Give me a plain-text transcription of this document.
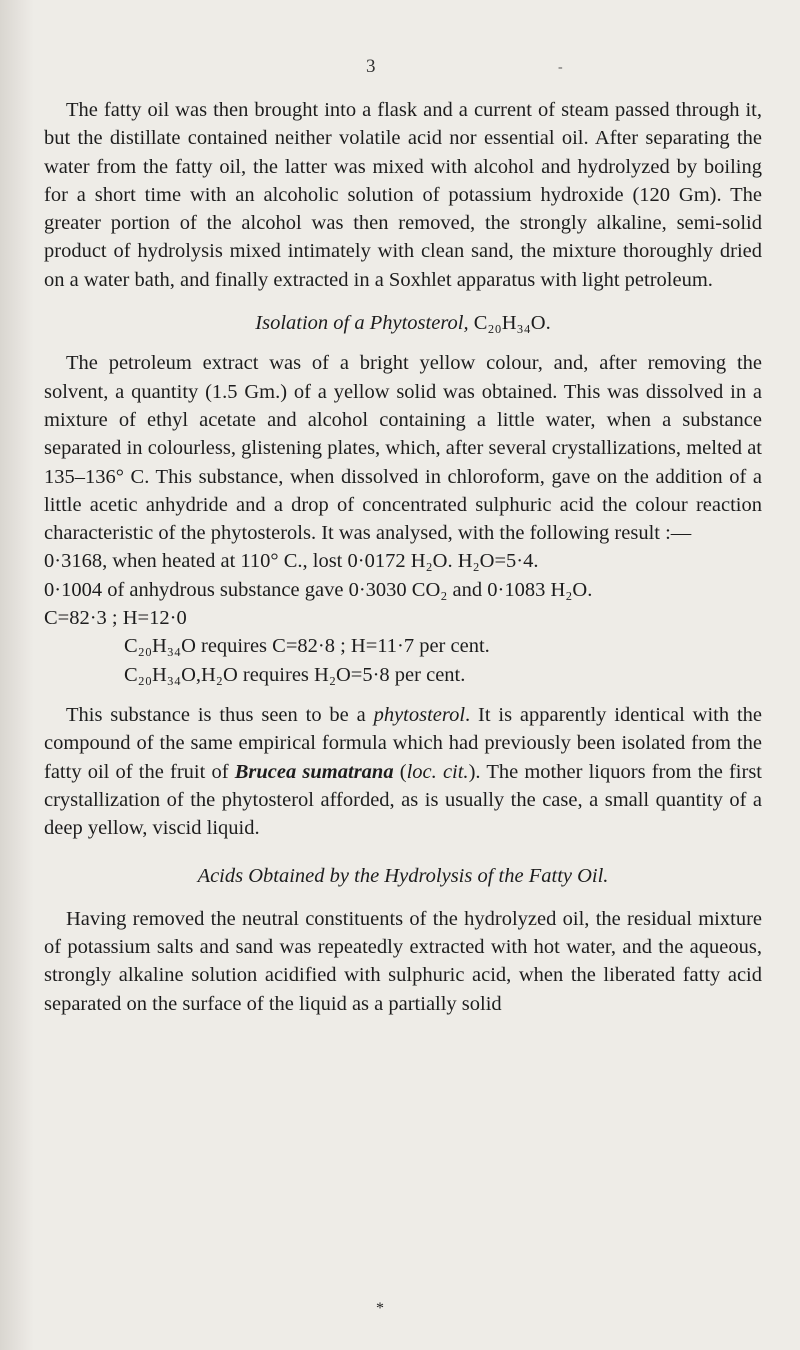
3	-

The fatty oil was then brought into a flask and a current of steam passed through it, but the distillate contained neither volatile acid nor essential oil. After separating the water from the fatty oil, the latter was mixed with alcohol and hydrolyzed by boiling for a short time with an alcoholic solution of potassium hydroxide (120 Gm). The greater portion of the alcohol was then removed, the strongly alkaline, semi-solid product of hydrolysis mixed intimately with clean sand, the mixture thoroughly dried on a water bath, and finally extracted in a Soxhlet apparatus with light petroleum.

Isolation of a Phytosterol, C₂₀H₃₄O.

The petroleum extract was of a bright yellow colour, and, after removing the solvent, a quantity (1.5 Gm.) of a yellow solid was obtained. This was dissolved in a mixture of ethyl acetate and alcohol containing a little water, when a substance separated in colourless, glistening plates, which, after several crystallizations, melted at 135–136° C. This substance, when dissolved in chloroform, gave on the addition of a little acetic anhydride and a drop of concentrated sulphuric acid the colour reaction characteristic of the phytosterols. It was analysed, with the following result :—

0·3168, when heated at 110° C., lost 0·0172 H₂O. H₂O=5·4.

0·1004 of anhydrous substance gave 0·3030 CO₂ and 0·1083 H₂O.

C=82·3 ; H=12·0

C₂₀H₃₄O requires C=82·8 ; H=11·7 per cent.

C₂₀H₃₄O,H₂O requires H₂O=5·8 per cent.

This substance is thus seen to be a phytosterol. It is apparently identical with the compound of the same empirical formula which had previously been isolated from the fatty oil of the fruit of Brucea sumatrana (loc. cit.). The mother liquors from the first crystallization of the phytosterol afforded, as is usually the case, a small quantity of a deep yellow, viscid liquid.

Acids Obtained by the Hydrolysis of the Fatty Oil.

Having removed the neutral constituents of the hydrolyzed oil, the residual mixture of potassium salts and sand was repeatedly extracted with hot water, and the aqueous, strongly alkaline solution acidified with sulphuric acid, when the liberated fatty acid separated on the surface of the liquid as a partially solid

*
